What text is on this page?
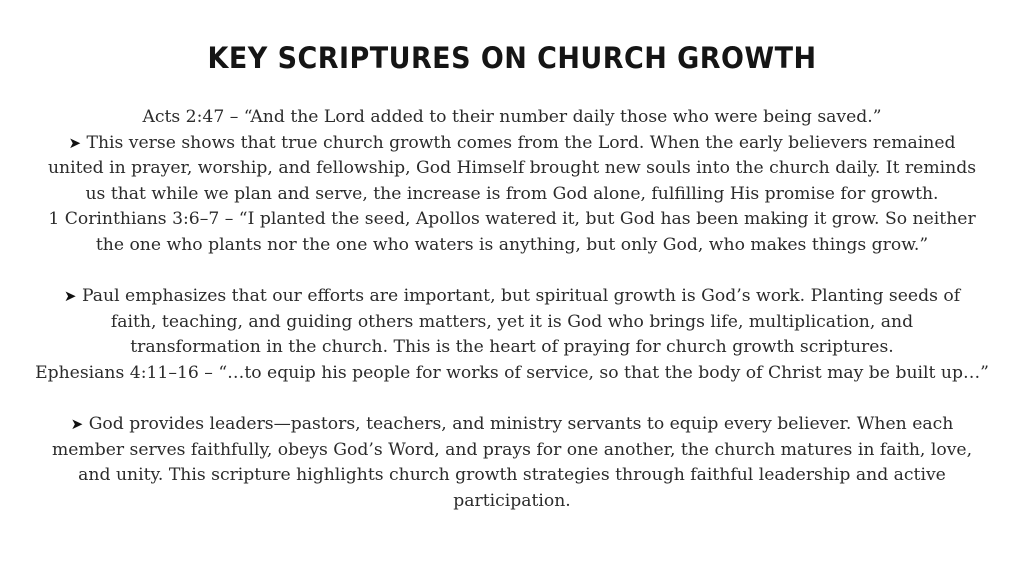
KEY SCRIPTURES ON CHURCH GROWTH
Acts 2:47 – “And the Lord added to their number daily those who were being saved.”
➤ This verse shows that true church growth comes from the Lord. When the early believers remained
united in prayer, worship, and fellowship, God Himself brought new souls into the church daily. It reminds
us that while we plan and serve, the increase is from God alone, fulfilling His promise for growth.
1 Corinthians 3:6–7 – “I planted the seed, Apollos watered it, but God has been making it grow. So neither
the one who plants nor the one who waters is anything, but only God, who makes things grow.”
➤ Paul emphasizes that our efforts are important, but spiritual growth is God’s work. Planting seeds of
faith, teaching, and guiding others matters, yet it is God who brings life, multiplication, and
transformation in the church. This is the heart of praying for church growth scriptures.
Ephesians 4:11–16 – “…to equip his people for works of service, so that the body of Christ may be built up…”
➤ God provides leaders—pastors, teachers, and ministry servants to equip every believer. When each
member serves faithfully, obeys God’s Word, and prays for one another, the church matures in faith, love,
and unity. This scripture highlights church growth strategies through faithful leadership and active
participation.
